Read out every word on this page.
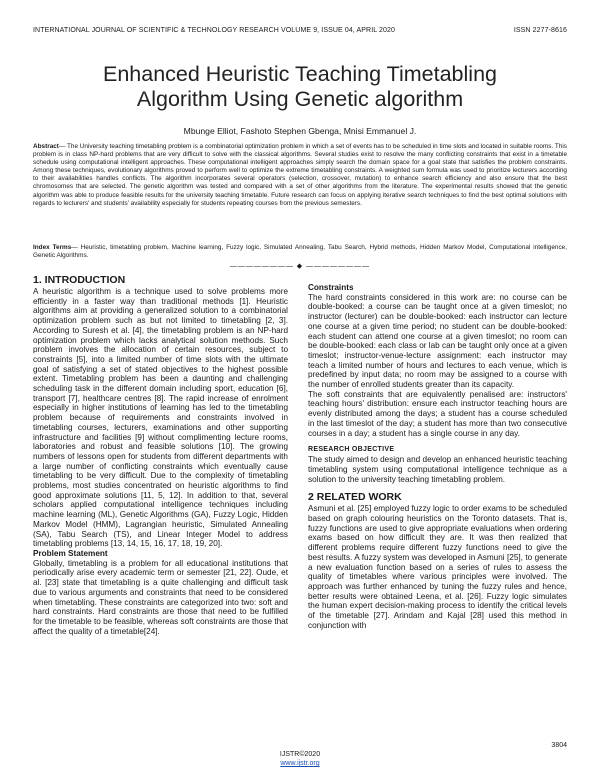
INTERNATIONAL JOURNAL OF SCIENTIFIC & TECHNOLOGY RESEARCH VOLUME 9, ISSUE 04, APRIL 2020	ISSN 2277-8616
Enhanced Heuristic Teaching Timetabling
Algorithm Using Genetic algorithm
Mbunge Elliot, Fashoto Stephen Gbenga, Mnisi Emmanuel J.

Abstract— The University teaching timetabling problem is a combinatorial optimization problem in which a set of events has to be scheduled in time slots and located in suitable rooms. This problem is in class NP-hard problems that are very difficult to solve with the classical algorithms. Several studies exist to resolve the many conflicting constraints that exist in a timetable schedule using computational intelligent approaches. These computational intelligent approaches simply search the domain space for a goal state that satisfies the problem constraints. Among these techniques, evolutionary algorithms proved to perform well to optimize the extreme timetabling constraints. A weighted sum formula was used to prioritize lecturers according to their availabilities handles conflicts. The algorithm incorporates several operators (selection, crossover, mutation) to enhance search efficiency and also ensure that the best chromosomes that are selected. The genetic algorithm was tested and compared with a set of other algorithms from the literature. The experimental results showed that the genetic algorithm was able to produce feasible results for the university teaching timetable. Future research can focus on applying iterative search techniques to find the best optimal solutions with regards to lecturers' and students' availability especially for students repeating courses from the previous semesters.

Index Terms— Heuristic, timetabling problem, Machine learning, Fuzzy logic, Simulated Annealing, Tabu Search, Hybrid methods, Hidden Markov Model, Computational intelligence, Genetic Algorithms.

———————— ◆ ————————
1. INTRODUCTION

A heuristic algorithm is a technique used to solve problems more efficiently in a faster way than traditional methods [1]. Heuristic algorithms aim at providing a generalized solution to a combinatorial optimization problem such as but not limited to timetabling [2, 3]. According to Suresh et al. [4], the timetabling problem is an NP-hard optimization problem which lacks analytical solution methods. Such problem involves the allocation of certain resources, subject to constraints [5], into a limited number of time slots with the ultimate goal of satisfying a set of stated objectives to the highest possible extent. Timetabling problem has been a daunting and challenging scheduling task in the different domain including sport, education [6], transport [7], healthcare centres [8]. The rapid increase of enrolment especially in higher institutions of learning has led to the timetabling problem because of requirements and constraints involved in timetabling courses, lecturers, examinations and other supporting infrastructure and facilities [9] without complimenting lecture rooms, laboratories and robust and feasible solutions [10]. The growing numbers of lessons open for students from different departments with a large number of conflicting constraints which eventually cause timetabling to be very difficult. Due to the complexity of timetabling problems, most studies concentrated on heuristic algorithms to find good approximate solutions [11, 5, 12]. In addition to that, several scholars applied computational intelligence techniques including machine learning (ML), Genetic Algorithms (GA), Fuzzy Logic, Hidden Markov Model (HMM), Lagrangian heuristic, Simulated Annealing (SA), Tabu Search (TS), and Linear Integer Model to address timetabling problems [13, 14, 15, 16, 17, 18, 19, 20].

Problem Statement

Globally, timetabling is a problem for all educational institutions that periodically arise every academic term or semester [21, 22]. Oude, et al. [23] state that timetabling is a quite challenging and difficult task due to various arguments and constraints that need to be considered when timetabling. These constraints are categorized into two: soft and hard constraints. Hard constraints are those that need to be fulfilled for the timetable to be feasible, whereas soft constraints are those that affect the quality of a timetable[24].

Constraints

The hard constraints considered in this work are: no course can be double-booked: a course can be taught once at a given timeslot; no instructor (lecturer) can be double-booked: each instructor can lecture one course at a given time period; no student can be double-booked: each student can attend one course at a given timeslot; no room can be double-booked: each class or lab can be taught only once at a given timeslot; instructor-venue-lecture assignment: each instructor may teach a limited number of hours and lectures to each venue, which is predefined by input data; no room may be assigned to a course with the number of enrolled students greater than its capacity.

The soft constraints that are equivalently penalised are: instructors' teaching hours' distribution: ensure each instructor teaching hours are evenly distributed among the days; a student has a course scheduled in the last timeslot of the day; a student has more than two consecutive courses in a day; a student has a single course in any day.

RESEARCH OBJECTIVE

The study aimed to design and develop an enhanced heuristic teaching timetabling system using computational intelligence technique as a solution to the university teaching timetabling problem.

2 RELATED WORK

Asmuni et al. [25] employed fuzzy logic to order exams to be scheduled based on graph colouring heuristics on the Toronto datasets. That is, fuzzy functions are used to give appropriate evaluations when ordering exams based on how difficult they are. It was then realized that different problems require different fuzzy functions need to give the best results. A fuzzy system was developed in Asmuni [25], to generate a new evaluation function based on a series of rules to assess the quality of timetables where various principles were involved. The approach was further enhanced by tuning the fuzzy rules and hence, better results were obtained Leena, et al. [26]. Fuzzy logic simulates the human expert decision-making process to identify the critical levels of the timetable [27]. Arindam and Kajal [28] used this method in conjunction with

3804
IJSTR©2020
www.ijstr.org
